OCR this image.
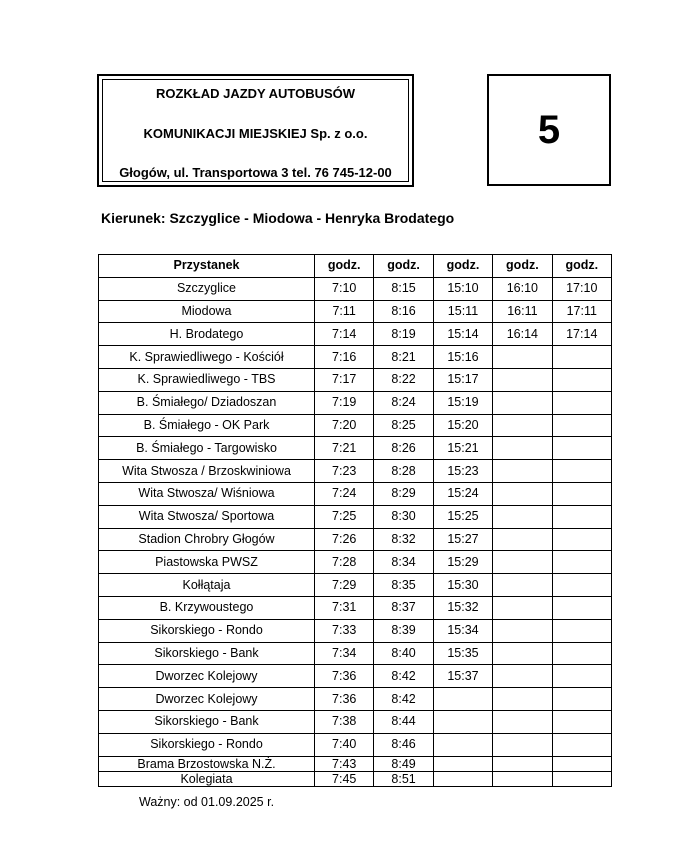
ROZKŁAD JAZDY AUTOBUSÓW
KOMUNIKACJI MIEJSKIEJ Sp. z o.o.
Głogów, ul. Transportowa 3 tel. 76 745-12-00
5
Kierunek: Szczyglice - Miodowa - Henryka Brodatego
Przystanek	godz.	godz.	godz.	godz.	godz.
Szczyglice	7:10	8:15	15:10	16:10	17:10
Miodowa	7:11	8:16	15:11	16:11	17:11
H. Brodatego	7:14	8:19	15:14	16:14	17:14
K. Sprawiedliwego - Kościół	7:16	8:21	15:16		
K. Sprawiedliwego - TBS	7:17	8:22	15:17		
B. Śmiałego/ Dziadoszan	7:19	8:24	15:19		
B. Śmiałego - OK Park	7:20	8:25	15:20		
B. Śmiałego - Targowisko	7:21	8:26	15:21		
Wita Stwosza / Brzoskwiniowa	7:23	8:28	15:23		
Wita Stwosza/ Wiśniowa	7:24	8:29	15:24		
Wita Stwosza/ Sportowa	7:25	8:30	15:25		
Stadion Chrobry Głogów	7:26	8:32	15:27		
Piastowska PWSZ	7:28	8:34	15:29		
Kołłątaja	7:29	8:35	15:30		
B. Krzywoustego	7:31	8:37	15:32		
Sikorskiego - Rondo	7:33	8:39	15:34		
Sikorskiego - Bank	7:34	8:40	15:35		
Dworzec Kolejowy	7:36	8:42	15:37		
Dworzec Kolejowy	7:36	8:42			
Sikorskiego - Bank	7:38	8:44			
Sikorskiego - Rondo	7:40	8:46			
Brama Brzostowska N.Ż.	7:43	8:49			
Kolegiata	7:45	8:51			
Ważny: od 01.09.2025 r.
